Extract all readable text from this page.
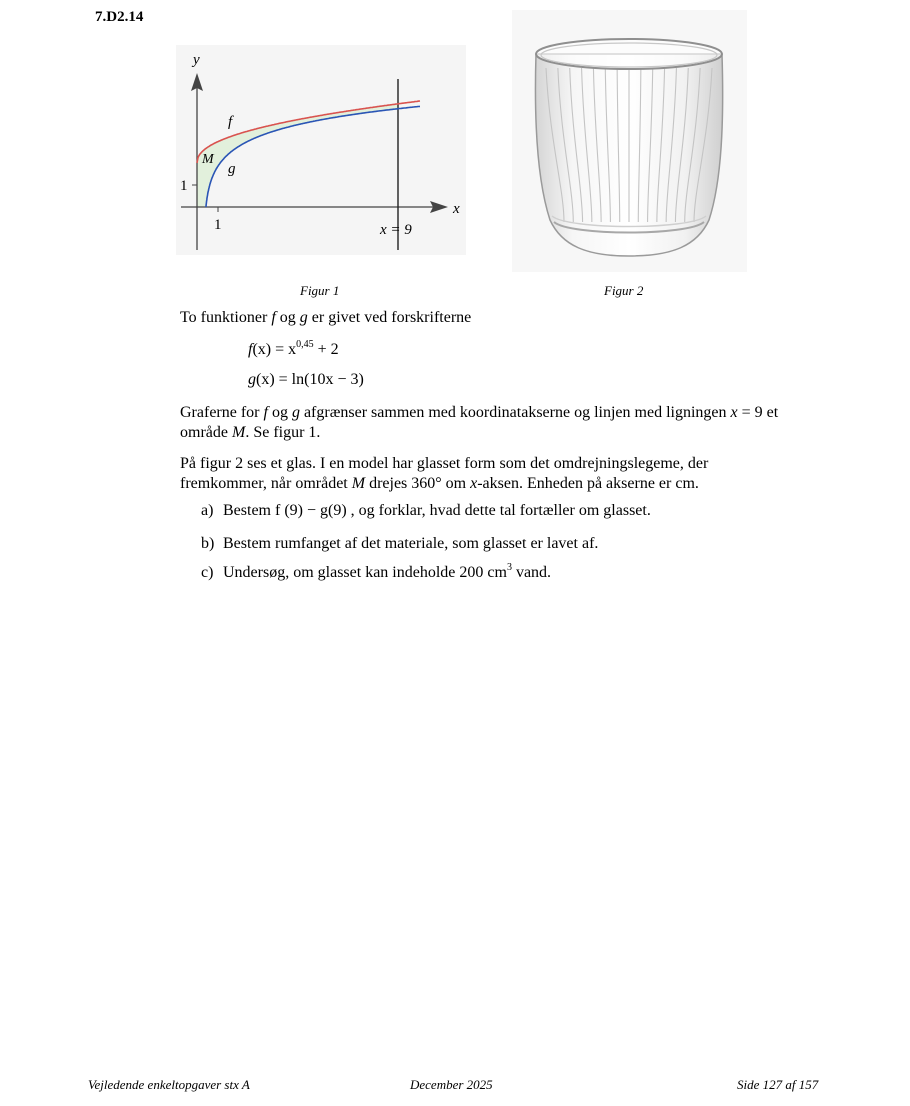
7.D2.14
y
x
1
1
f
g
M
x = 9
Figur 1	Figur 2
To funktioner f og g er givet ved forskrifterne
$f(x) = x^{0,45} + 2$
g(x) = ln(10x − 3)
Graferne for f og g afgrænser sammen med koordinatakserne og linjen med ligningen x = 9 et område M. Se figur 1.
På figur 2 ses et glas. I en model har glasset form som det omdrejningslegeme, der fremkommer, når området M drejes 360° om x-aksen. Enheden på akserne er cm.
a) Bestem f (9) − g(9) , og forklar, hvad dette tal fortæller om glasset.
b) Bestem rumfanget af det materiale, som glasset er lavet af.
c) Undersøg, om glasset kan indeholde 200 $cm^3$ vand.
Vejledende enkeltopgaver stx A	December 2025	Side 127 af 157
